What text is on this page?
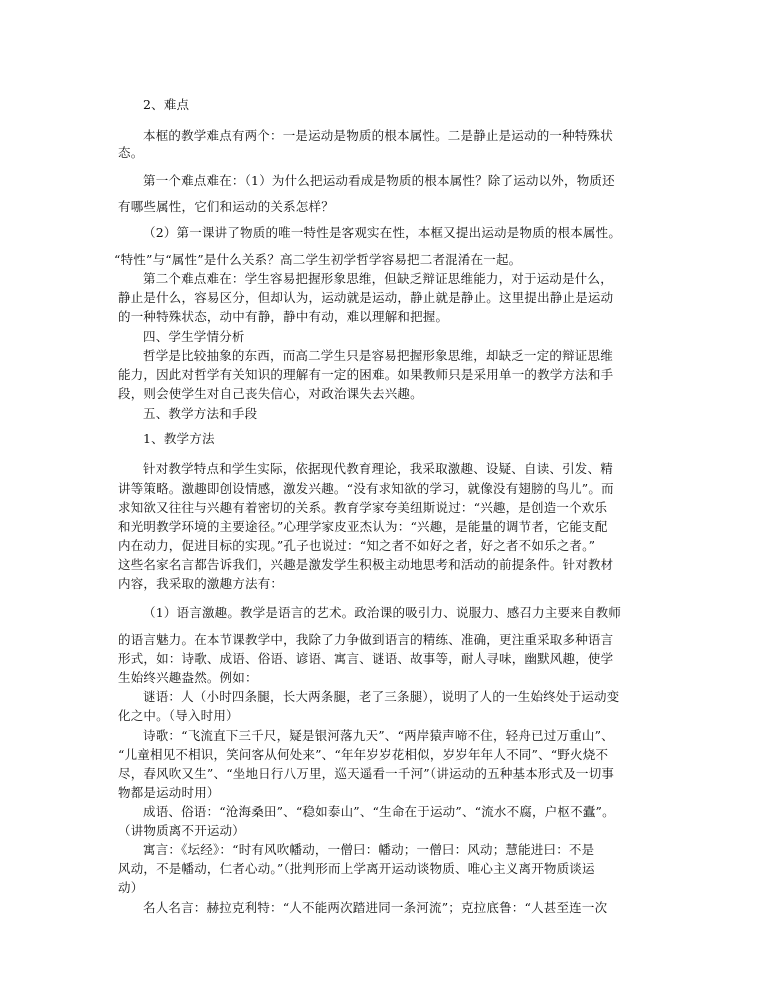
2、难点
本框的教学难点有两个：一是运动是物质的根本属性。二是静止是运动的一种特殊状
态。
第一个难点难在：（1）为什么把运动看成是物质的根本属性？除了运动以外，物质还
有哪些属性，它们和运动的关系怎样？
（2）第一课讲了物质的唯一特性是客观实在性，本框又提出运动是物质的根本属性。
“特性”与“属性”是什么关系？高二学生初学哲学容易把二者混淆在一起。
第二个难点难在：学生容易把握形象思维，但缺乏辩证思维能力，对于运动是什么，
静止是什么，容易区分，但却认为，运动就是运动，静止就是静止。这里提出静止是运动
的一种特殊状态，动中有静，静中有动，难以理解和把握。
四、学生学情分析
哲学是比较抽象的东西，而高二学生只是容易把握形象思维，却缺乏一定的辩证思维
能力，因此对哲学有关知识的理解有一定的困难。如果教师只是采用单一的教学方法和手
段，则会使学生对自己丧失信心，对政治课失去兴趣。
五、教学方法和手段
1、教学方法
针对教学特点和学生实际，依据现代教育理论，我采取激趣、设疑、自读、引发、精
讲等策略。激趣即创设情感，激发兴趣。“没有求知欲的学习，就像没有翅膀的鸟儿”。而
求知欲又往往与兴趣有着密切的关系。教育学家夸美纽斯说过：“兴趣，是创造一个欢乐
和光明教学环境的主要途径。”心理学家皮亚杰认为：“兴趣，是能量的调节者，它能支配
内在动力，促进目标的实现。”孔子也说过：“知之者不如好之者，好之者不如乐之者。”
这些名家名言都告诉我们，兴趣是激发学生积极主动地思考和活动的前提条件。针对教材
内容，我采取的激趣方法有：
（1）语言激趣。教学是语言的艺术。政治课的吸引力、说服力、感召力主要来自教师
的语言魅力。在本节课教学中，我除了力争做到语言的精练、准确，更注重采取多种语言
形式，如：诗歌、成语、俗语、谚语、寓言、谜语、故事等，耐人寻味，幽默风趣，使学
生始终兴趣盎然。例如：
谜语：人（小时四条腿，长大两条腿，老了三条腿），说明了人的一生始终处于运动变
化之中。（导入时用）
诗歌：“飞流直下三千尺，疑是银河落九天”、“两岸猿声啼不住，轻舟已过万重山”、
“儿童相见不相识，笑问客从何处来”、“年年岁岁花相似，岁岁年年人不同”、“野火烧不
尽，春风吹又生”、“坐地日行八万里，巡天遥看一千河”（讲运动的五种基本形式及一切事
物都是运动时用）
成语、俗语：“沧海桑田”、“稳如泰山”、“生命在于运动”、“流水不腐，户枢不蠹”。
（讲物质离不开运动）
寓言：《坛经》：“时有风吹幡动，一僧曰：幡动；一僧曰：风动；慧能进曰：不是
风动，不是幡动，仁者心动。”（批判形而上学离开运动谈物质、唯心主义离开物质谈运
动）
名人名言：赫拉克利特：“人不能两次踏进同一条河流”；克拉底鲁：“人甚至连一次
